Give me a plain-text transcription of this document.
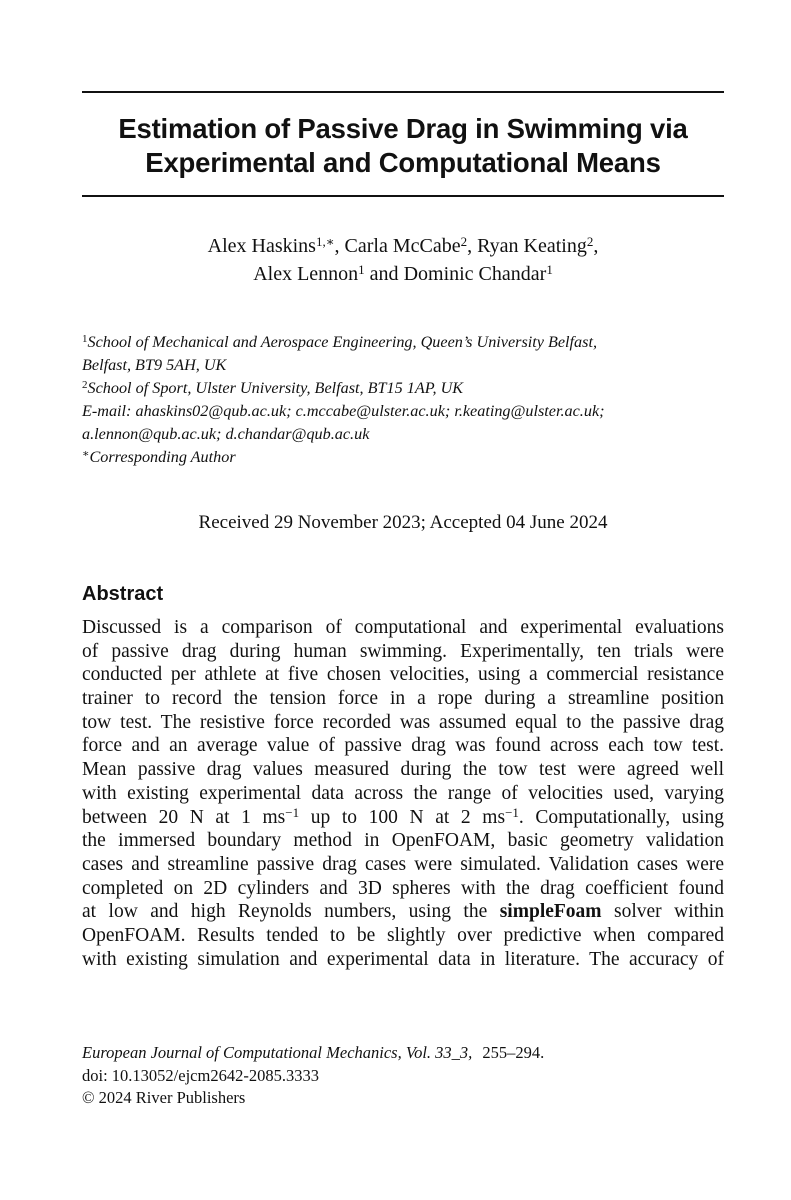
Estimation of Passive Drag in Swimming via
Experimental and Computational Means
Alex Haskins$^{1,∗}$, Carla McCabe$^2$, Ryan Keating$^2$,
Alex Lennon$^1$ and Dominic Chandar$^1$
$^1$School of Mechanical and Aerospace Engineering, Queen’s University Belfast,
Belfast, BT9 5AH, UK
$^2$School of Sport, Ulster University, Belfast, BT15 1AP, UK
E-mail: ahaskins02@qub.ac.uk; c.mccabe@ulster.ac.uk; r.keating@ulster.ac.uk;
a.lennon@qub.ac.uk; d.chandar@qub.ac.uk
∗Corresponding Author
Received 29 November 2023; Accepted 04 June 2024
Abstract
Discussed is a comparison of computational and experimental evaluations
of passive drag during human swimming. Experimentally, ten trials were
conducted per athlete at five chosen velocities, using a commercial resistance
trainer to record the tension force in a rope during a streamline position
tow test. The resistive force recorded was assumed equal to the passive drag
force and an average value of passive drag was found across each tow test.
Mean passive drag values measured during the tow test were agreed well
with existing experimental data across the range of velocities used, varying
between 20 N at 1 $ms^{-1}$ up to 100 N at 2 $ms^{-1}$. Computationally, using
the immersed boundary method in OpenFOAM, basic geometry validation
cases and streamline passive drag cases were simulated. Validation cases were
completed on 2D cylinders and 3D spheres with the drag coefficient found
at low and high Reynolds numbers, using the simpleFoam solver within
OpenFOAM. Results tended to be slightly over predictive when compared
with existing simulation and experimental data in literature. The accuracy of
European Journal of Computational Mechanics, Vol. 33_3, 255–294.
doi: 10.13052/ejcm2642-2085.3333
© 2024 River Publishers
